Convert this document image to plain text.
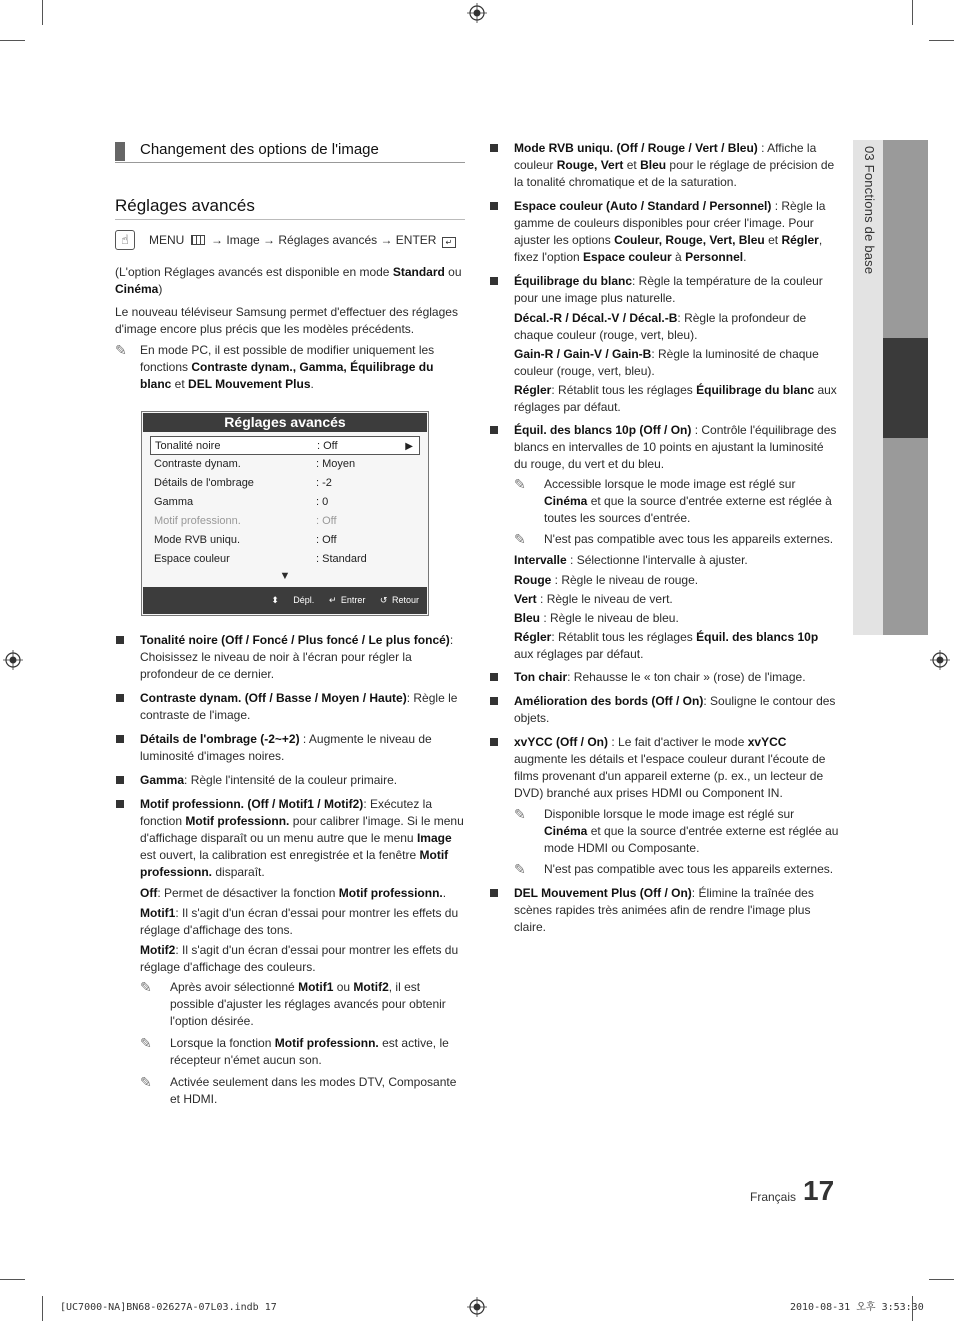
03 Fonctions de base
Changement des options de l'image
Réglages avancés
☝	MENU → Image → Réglages avancés → ENTER ↵
(L'option Réglages avancés est disponible en mode Standard ou Cinéma)
Le nouveau téléviseur Samsung permet d'effectuer des réglages d'image encore plus précis que les modèles précédents.
✎ En mode PC, il est possible de modifier uniquement les fonctions Contraste dynam., Gamma, Équilibrage du blanc et DEL Mouvement Plus.
Réglages avancés
Tonalité noire	: Off	▶
Contraste dynam.	: Moyen
Détails de l'ombrage	: -2
Gamma	: 0
Motif professionn.	: Off
Mode RVB uniqu.	: Off
Espace couleur	: Standard
▼
⬍ Dépl. ↵ Entrer ↺ Retour
Tonalité noire (Off / Foncé / Plus foncé / Le plus foncé): Choisissez le niveau de noir à l'écran pour régler la profondeur de ce dernier.
Contraste dynam. (Off / Basse / Moyen / Haute): Règle le contraste de l'image.
Détails de l'ombrage (-2~+2) : Augmente le niveau de luminosité d'images noires.
Gamma: Règle l'intensité de la couleur primaire.
Motif professionn. (Off / Motif1 / Motif2): Exécutez la fonction Motif professionn. pour calibrer l'image. Si le menu d'affichage disparaît ou un menu autre que le menu Image est ouvert, la calibration est enregistrée et la fenêtre Motif professionn. disparaît.
Off: Permet de désactiver la fonction Motif professionn..
Motif1: Il s'agit d'un écran d'essai pour montrer les effets du réglage d'affichage des tons.
Motif2: Il s'agit d'un écran d'essai pour montrer les effets du réglage d'affichage des couleurs.
✎ Après avoir sélectionné Motif1 ou Motif2, il est possible d'ajuster les réglages avancés pour obtenir l'option désirée.
✎ Lorsque la fonction Motif professionn. est active, le récepteur n'émet aucun son.
✎ Activée seulement dans les modes DTV, Composante et HDMI.
Mode RVB uniqu. (Off / Rouge / Vert / Bleu) : Affiche la couleur Rouge, Vert et Bleu pour le réglage de précision de la tonalité chromatique et de la saturation.
Espace couleur (Auto / Standard / Personnel) : Règle la gamme de couleurs disponibles pour créer l'image. Pour ajuster les options Couleur, Rouge, Vert, Bleu et Régler, fixez l'option Espace couleur à Personnel.
Équilibrage du blanc: Règle la température de la couleur pour une image plus naturelle.
Décal.-R / Décal.-V / Décal.-B: Règle la profondeur de chaque couleur (rouge, vert, bleu).
Gain-R / Gain-V / Gain-B: Règle la luminosité de chaque couleur (rouge, vert, bleu).
Régler: Rétablit tous les réglages Équilibrage du blanc aux réglages par défaut.
Équil. des blancs 10p (Off / On) : Contrôle l'équilibrage des blancs en intervalles de 10 points en ajustant la luminosité du rouge, du vert et du bleu.
✎ Accessible lorsque le mode image est réglé sur Cinéma et que la source d'entrée externe est réglée à toutes les sources d'entrée.
✎ N'est pas compatible avec tous les appareils externes.
Intervalle : Sélectionne l'intervalle à ajuster.
Rouge : Règle le niveau de rouge.
Vert : Règle le niveau de vert.
Bleu : Règle le niveau de bleu.
Régler: Rétablit tous les réglages Équil. des blancs 10p aux réglages par défaut.
Ton chair: Rehausse le « ton chair » (rose) de l'image.
Amélioration des bords (Off / On): Souligne le contour des objets.
xvYCC (Off / On) : Le fait d'activer le mode xvYCC augmente les détails et l'espace couleur durant l'écoute de films provenant d'un appareil externe (p. ex., un lecteur de DVD) branché aux prises HDMI ou Component IN.
✎ Disponible lorsque le mode image est réglé sur Cinéma et que la source d'entrée externe est réglée au mode HDMI ou Composante.
✎ N'est pas compatible avec tous les appareils externes.
DEL Mouvement Plus (Off / On): Élimine la traînée des scènes rapides très animées afin de rendre l'image plus claire.
Français 17
[UC7000-NA]BN68-02627A-07L03.indb 17	2010-08-31 오후 3:53:30
